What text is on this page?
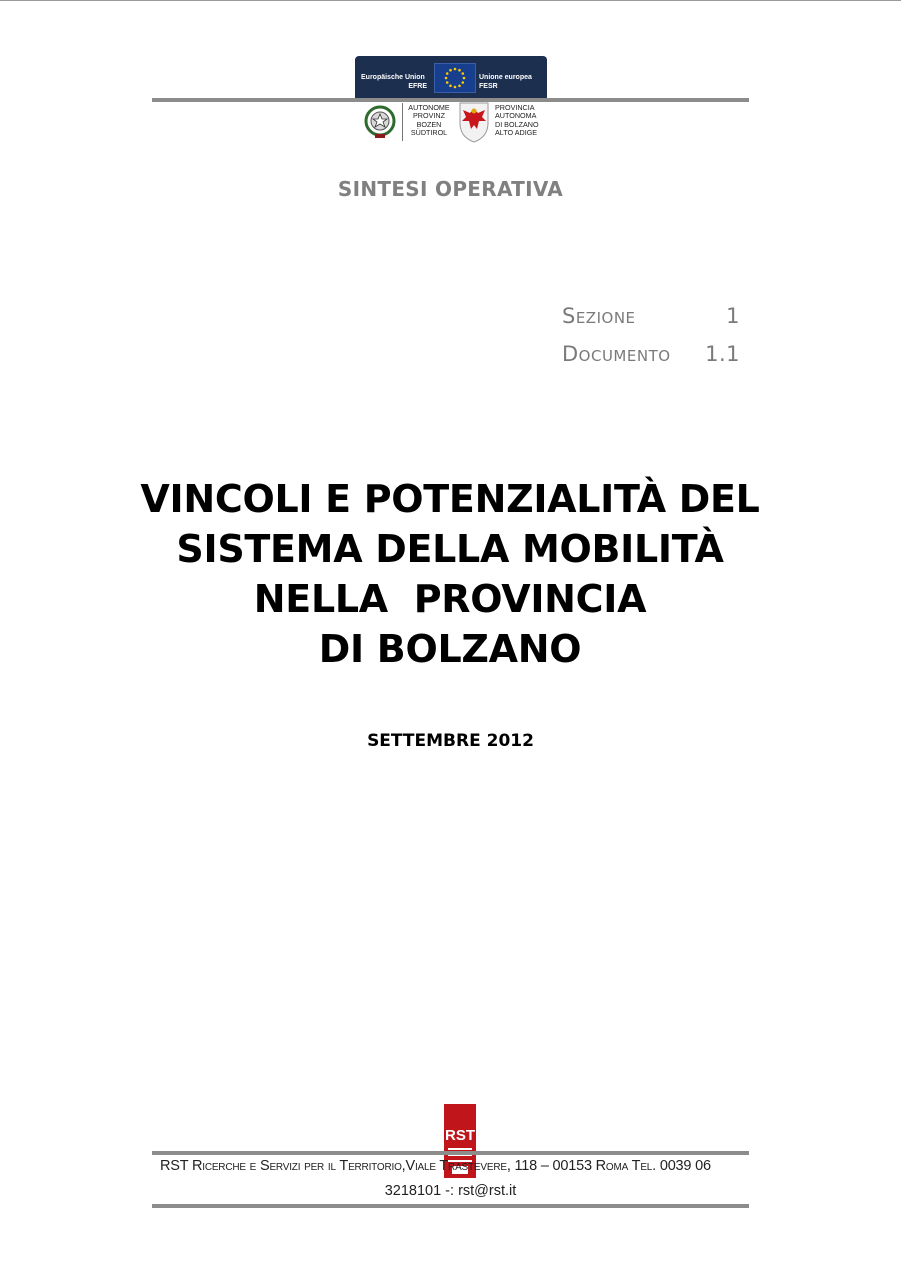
Europäische Union
EFRE
Unione europea
FESR
AUTONOME
PROVINZ
BOZEN
SÜDTIROL
PROVINCIA
AUTONOMA
DI BOLZANO
ALTO ADIGE
SINTESI OPERATIVA
Sezione	1
Documento 1.1
VINCOLI E POTENZIALITÀ DEL
SISTEMA DELLA MOBILITÀ
NELLA  PROVINCIA
DI BOLZANO
SETTEMBRE 2012
RST
RST Ricerche e Servizi per il Territorio,Viale Trastevere, 118 – 00153 Roma Tel. 0039 06
3218101 -: rst@rst.it
